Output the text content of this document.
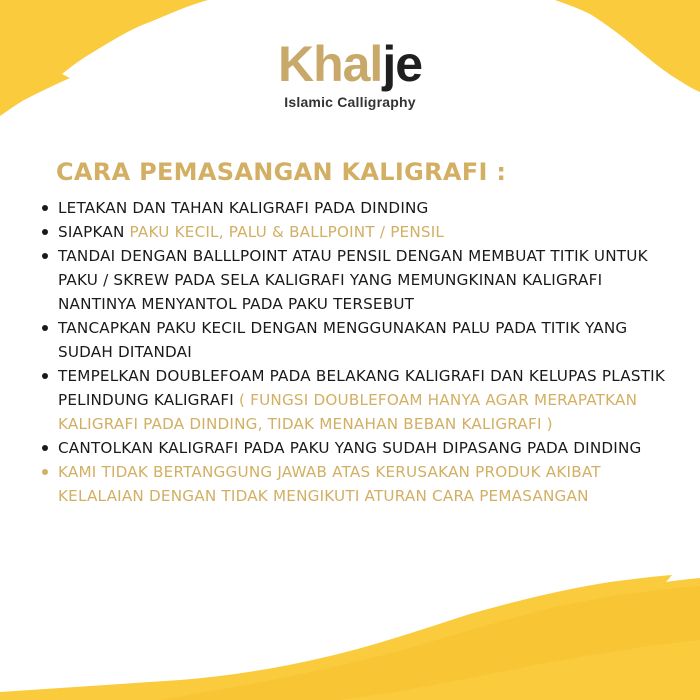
Khalje
Islamic Calligraphy
CARA PEMASANGAN KALIGRAFI :
LETAKAN DAN TAHAN KALIGRAFI PADA DINDING
SIAPKAN PAKU KECIL, PALU & BALLPOINT / PENSIL
TANDAI DENGAN BALLLPOINT ATAU PENSIL DENGAN MEMBUAT TITIK UNTUK PAKU / SKREW PADA SELA KALIGRAFI YANG MEMUNGKINAN KALIGRAFI NANTINYA MENYANTOL PADA PAKU TERSEBUT
TANCAPKAN PAKU KECIL DENGAN MENGGUNAKAN PALU PADA TITIK YANG SUDAH DITANDAI
TEMPELKAN DOUBLEFOAM PADA BELAKANG KALIGRAFI DAN KELUPAS PLASTIK PELINDUNG KALIGRAFI ( FUNGSI DOUBLEFOAM HANYA AGAR MERAPATKAN KALIGRAFI PADA DINDING, TIDAK MENAHAN BEBAN KALIGRAFI )
CANTOLKAN KALIGRAFI PADA PAKU YANG SUDAH DIPASANG PADA DINDING
KAMI TIDAK BERTANGGUNG JAWAB ATAS KERUSAKAN PRODUK AKIBAT KELALAIAN DENGAN TIDAK MENGIKUTI ATURAN CARA PEMASANGAN
